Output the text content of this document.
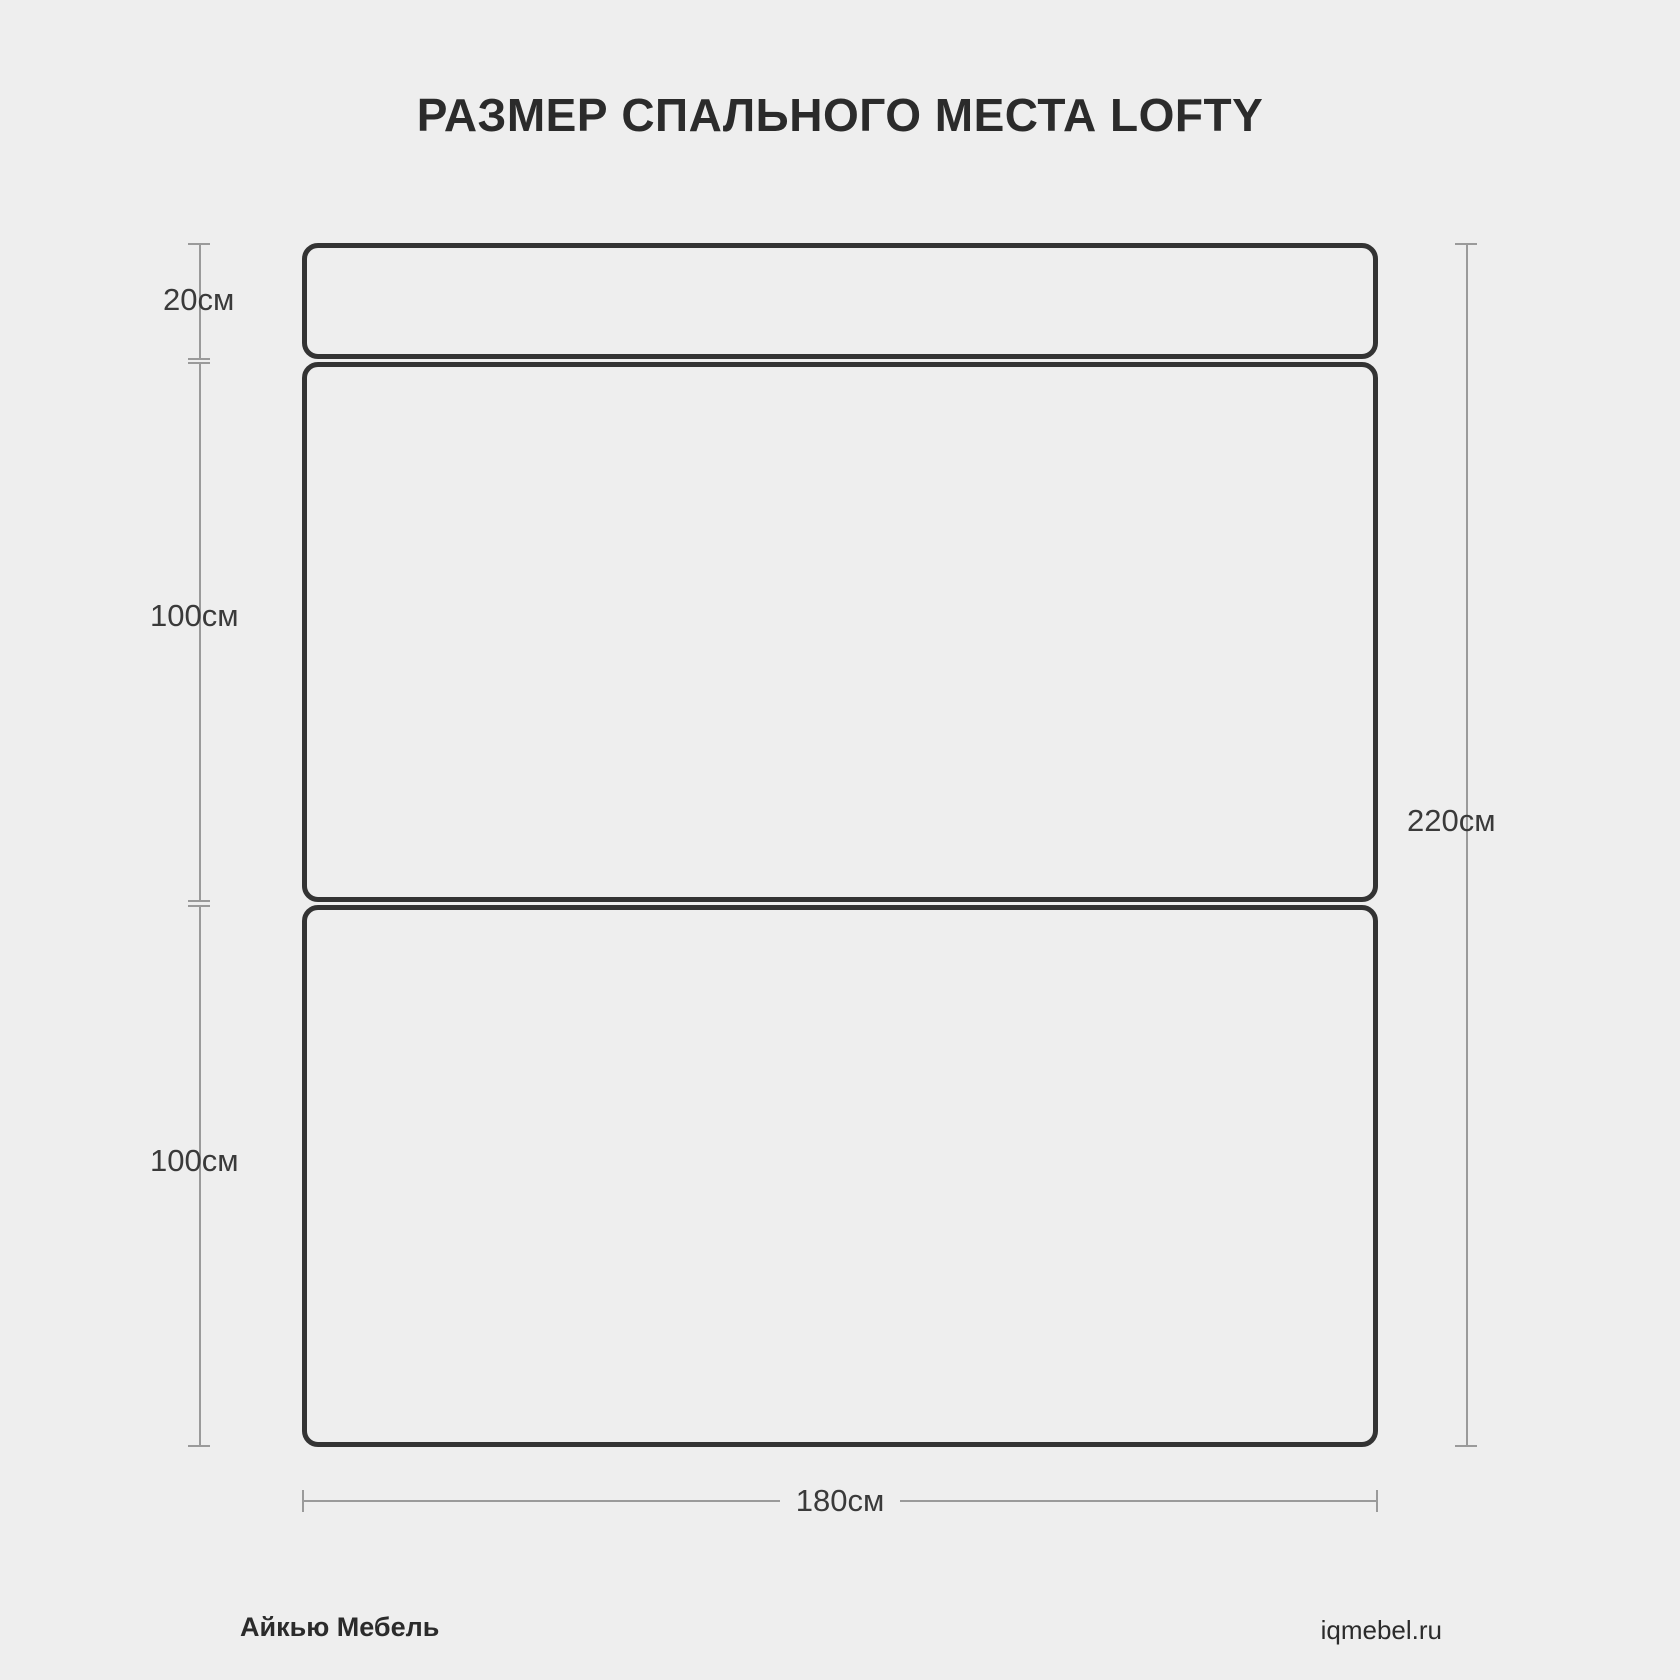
РАЗМЕР СПАЛЬНОГО МЕСТА LOFTY
20см
100см
100см
220см
180см
Айкью Мебель	iqmebel.ru
